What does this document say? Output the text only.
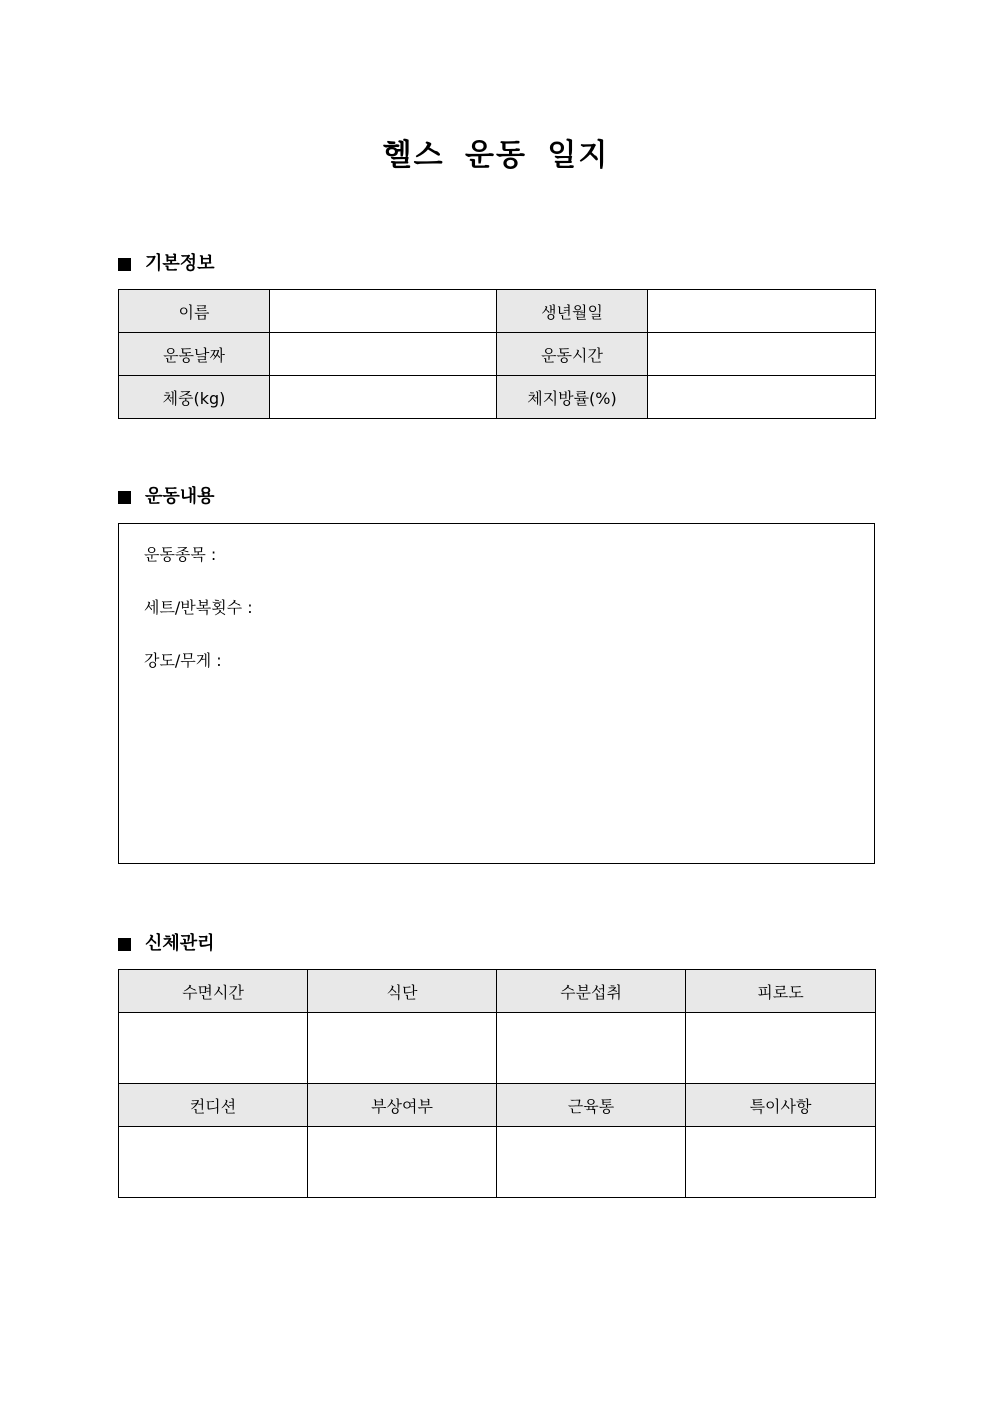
헬스 운동 일지
기본정보
이름		생년월일	
운동날짜		운동시간	
체중(kg)		체지방률(%)	
운동내용
운동종목 :
세트/반복횟수 :
강도/무게 :
신체관리
수면시간	식단	수분섭취	피로도

컨디션	부상여부	근육통	특이사항
